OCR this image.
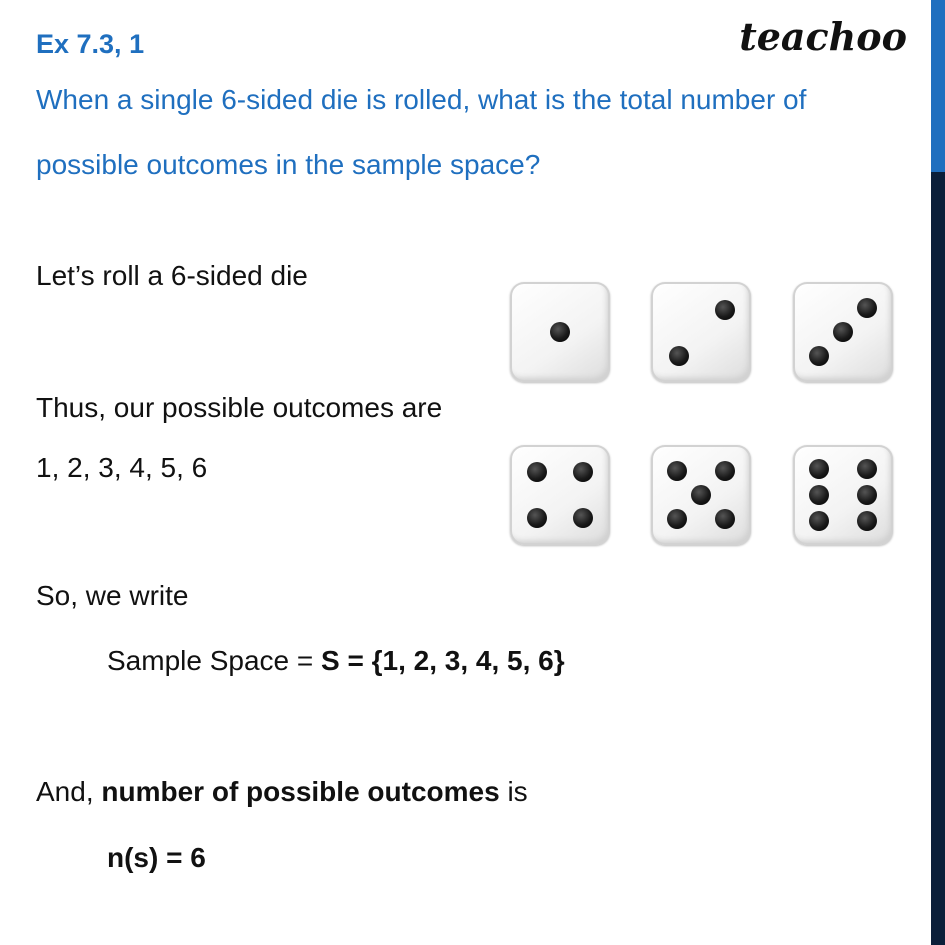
Ex 7.3, 1	teachoo
When a single 6-sided die is rolled, what is the total number of
possible outcomes in the sample space?
Let’s roll a 6-sided die
Thus, our possible outcomes are
1, 2, 3, 4, 5, 6
So, we write
Sample Space = S = {1, 2, 3, 4, 5, 6}
And, number of possible outcomes is
n(s) = 6
